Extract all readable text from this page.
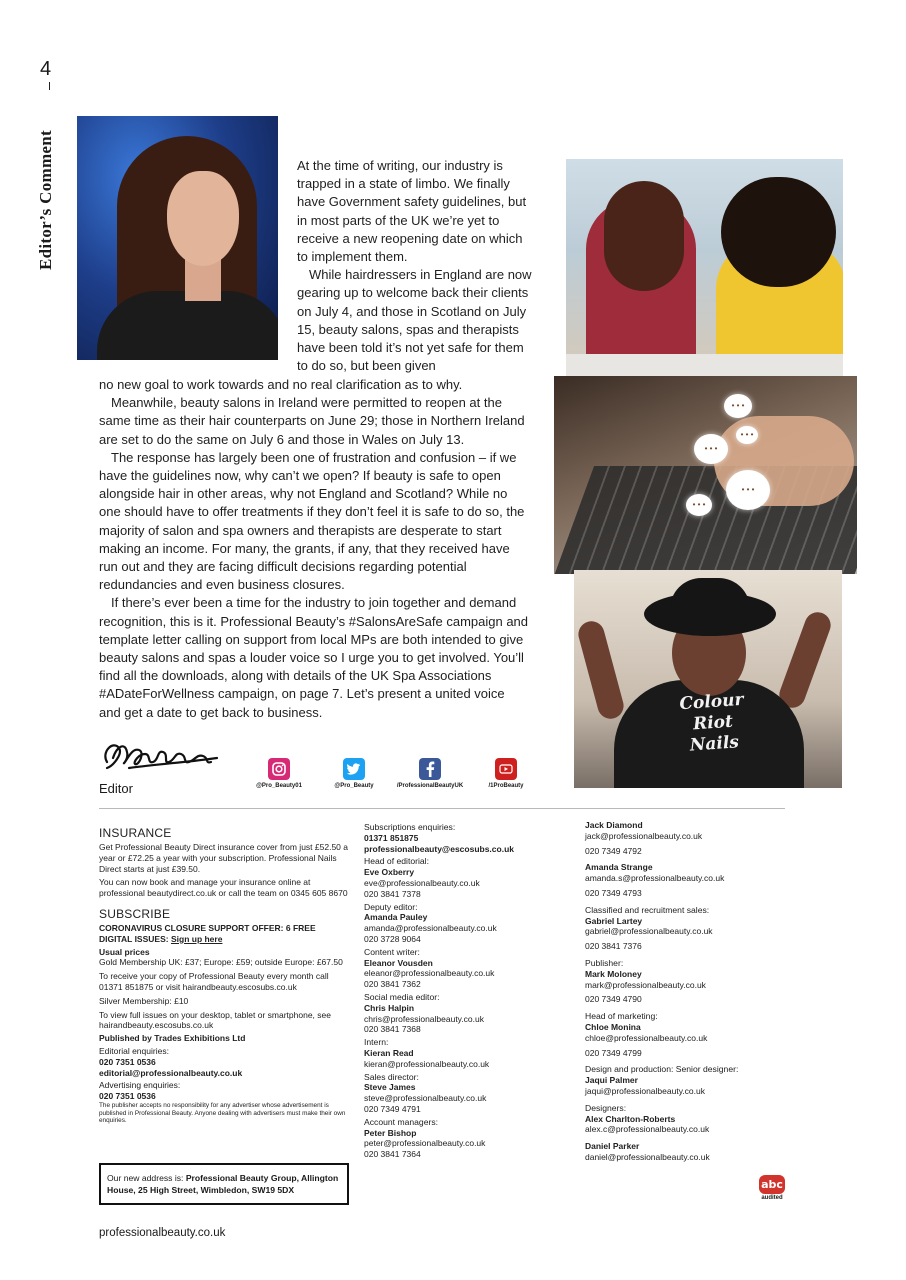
4
Editor’s Comment	At the time of writing, our industry is trapped in a state of limbo. We finally have Government safety guidelines, but in most parts of the UK we’re yet to receive a new reopening date on which to implement them.

While hairdressers in England are now gearing up to welcome back their clients on July 4, and those in Scotland on July 15, beauty salons, spas and therapists have been told it’s not yet safe for them to do so, but been given

no new goal to work towards and no real clarification as to why.

Meanwhile, beauty salons in Ireland were permitted to reopen at the same time as their hair counterparts on June 29; those in Northern Ireland are set to do the same on July 6 and those in Wales on July 13.

The response has largely been one of frustration and confusion – if we have the guidelines now, why can’t we open? If beauty is safe to open alongside hair in other areas, why not England and Scotland? While no one should have to offer treatments if they don’t feel it is safe to do so, the majority of salon and spa owners and therapists are desperate to start making an income. For many, the grants, if any, that they received have run out and they are facing difficult decisions regarding potential redundancies and even business closures.

If there’s ever been a time for the industry to join together and demand recognition, this is it. Professional Beauty’s #SalonsAreSafe campaign and template letter calling on support from local MPs are both intended to give beauty salons and spas a louder voice so I urge you to get involved. You’ll find all the downloads, along with details of the UK Spa Associations #ADateForWellness campaign, on page 7. Let’s present a united voice and get a date to get back to business.

• • •
• • •
• • •
• • •
• • •	Colour
Riot
Nails
Editor	@Pro_Beauty01	@Pro_Beauty	/ProfessionalBeautyUK	/1ProBeauty
INSURANCE
Get Professional Beauty Direct insurance cover from just £52.50 a year or £72.25 a year with your subscription. Professional Nails Direct starts at just £39.50.
You can now book and manage your insurance online at professional beautydirect.co.uk or call the team on 0345 605 8670
SUBSCRIBE
CORONAVIRUS CLOSURE SUPPORT OFFER: 6 FREE DIGITAL ISSUES: Sign up here
Usual prices
Gold Membership UK: £37; Europe: £59; outside Europe: £67.50
To receive your copy of Professional Beauty every month call 01371 851875 or visit hairandbeauty.escosubs.co.uk
Silver Membership: £10
To view full issues on your desktop, tablet or smartphone, see hairandbeauty.escosubs.co.uk
Published by Trades Exhibitions Ltd
Editorial enquiries:
020 7351 0536
editorial@professionalbeauty.co.uk
Advertising enquiries:
020 7351 0536
The publisher accepts no responsibility for any advertiser whose advertisement is published in Professional Beauty. Anyone dealing with advertisers must make their own enquiries.
Our new address is: Professional Beauty Group, Allington House, 25 High Street, Wimbledon, SW19 5DX
Subscriptions enquiries:
01371 851875
professionalbeauty@escosubs.co.uk
Head of editorial:
Eve Oxberry
eve@professionalbeauty.co.uk
020 3841 7378
Deputy editor:
Amanda Pauley
amanda@professionalbeauty.co.uk
020 3728 9064
Content writer:
Eleanor Vousden
eleanor@professionalbeauty.co.uk
020 3841 7362
Social media editor:
Chris Halpin
chris@professionalbeauty.co.uk
020 3841 7368
Intern:
Kieran Read
kieran@professionalbeauty.co.uk
Sales director:
Steve James
steve@professionalbeauty.co.uk
020 7349 4791
Account managers:
Peter Bishop
peter@professionalbeauty.co.uk
020 3841 7364
Jack Diamond
jack@professionalbeauty.co.uk
020 7349 4792
Amanda Strange
amanda.s@professionalbeauty.co.uk
020 7349 4793
Classified and recruitment sales:
Gabriel Lartey
gabriel@professionalbeauty.co.uk
020 3841 7376
Publisher:
Mark Moloney
mark@professionalbeauty.co.uk
020 7349 4790
Head of marketing:
Chloe Monina
chloe@professionalbeauty.co.uk
020 7349 4799
Design and production: Senior designer:
Jaqui Palmer
jaqui@professionalbeauty.co.uk
Designers:
Alex Charlton-Roberts
alex.c@professionalbeauty.co.uk
Daniel Parker
daniel@professionalbeauty.co.uk
abc
audited
professionalbeauty.co.uk
